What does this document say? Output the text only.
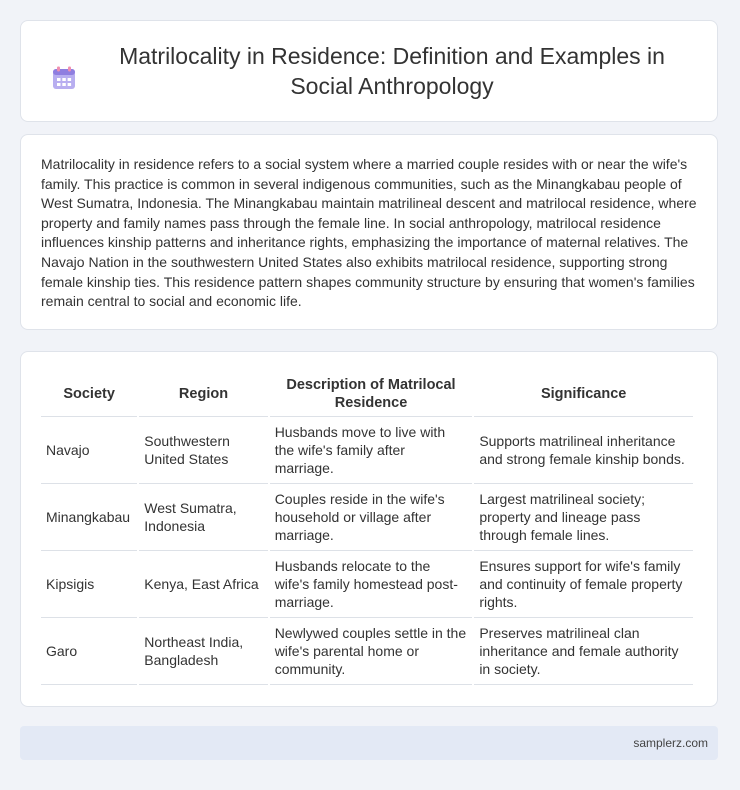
Matrilocality in Residence: Definition and Examples in Social Anthropology

Matrilocality in residence refers to a social system where a married couple resides with or near the wife's family. This practice is common in several indigenous communities, such as the Minangkabau people of West Sumatra, Indonesia. The Minangkabau maintain matrilineal descent and matrilocal residence, where property and family names pass through the female line. In social anthropology, matrilocal residence influences kinship patterns and inheritance rights, emphasizing the importance of maternal relatives. The Navajo Nation in the southwestern United States also exhibits matrilocal residence, supporting strong female kinship ties. This residence pattern shapes community structure by ensuring that women's families remain central to social and economic life.

Society	Region	Description of Matrilocal Residence	Significance
Navajo	Southwestern United States	Husbands move to live with the wife's family after marriage.	Supports matrilineal inheritance and strong female kinship bonds.
Minangkabau	West Sumatra, Indonesia	Couples reside in the wife's household or village after marriage.	Largest matrilineal society; property and lineage pass through female lines.
Kipsigis	Kenya, East Africa	Husbands relocate to the wife's family homestead post-marriage.	Ensures support for wife's family and continuity of female property rights.
Garo	Northeast India, Bangladesh	Newlywed couples settle in the wife's parental home or community.	Preserves matrilineal clan inheritance and female authority in society.
samplerz.com
